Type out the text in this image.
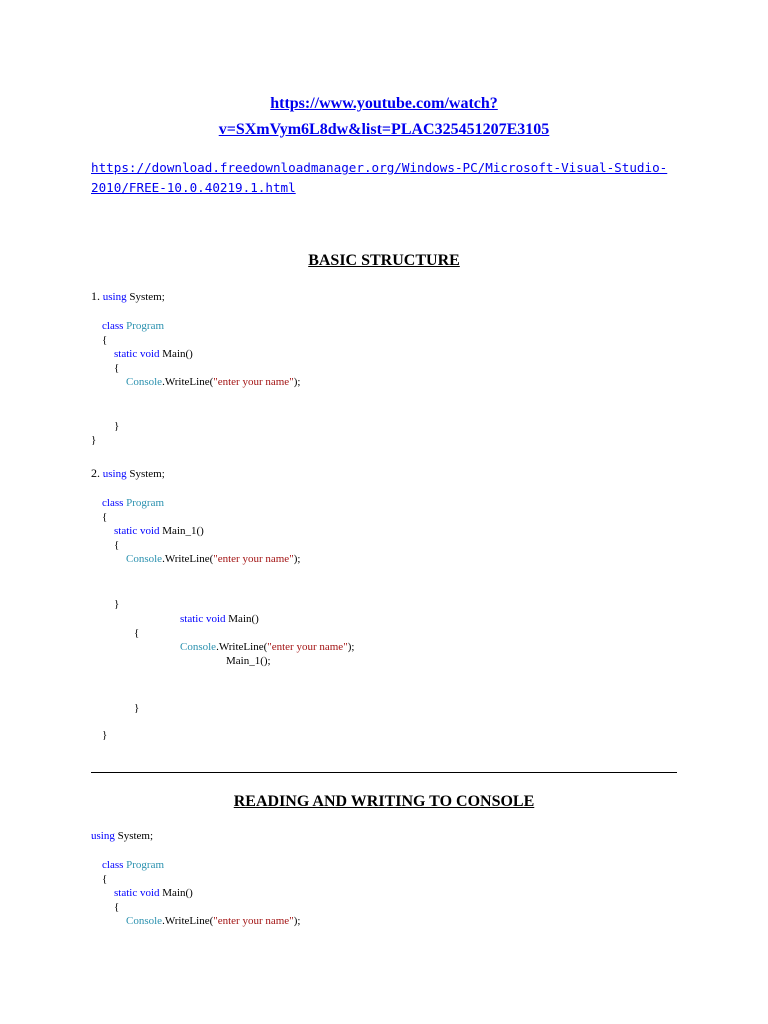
https://www.youtube.com/watch?
v=SXmVym6L8dw&list=PLAC325451207E3105
https://download.freedownloadmanager.org/Windows-PC/Microsoft-Visual-Studio-
2010/FREE-10.0.40219.1.html
BASIC STRUCTURE
1. using System;
class Program
{
static void Main()
{
Console.WriteLine("enter your name");
}
}
2. using System;
class Program
{
static void Main_1()
{
Console.WriteLine("enter your name");
}
static void Main()
{
Console.WriteLine("enter your name");
Main_1();
}
}
READING AND WRITING TO CONSOLE
using System;
class Program
{
static void Main()
{
Console.WriteLine("enter your name");
